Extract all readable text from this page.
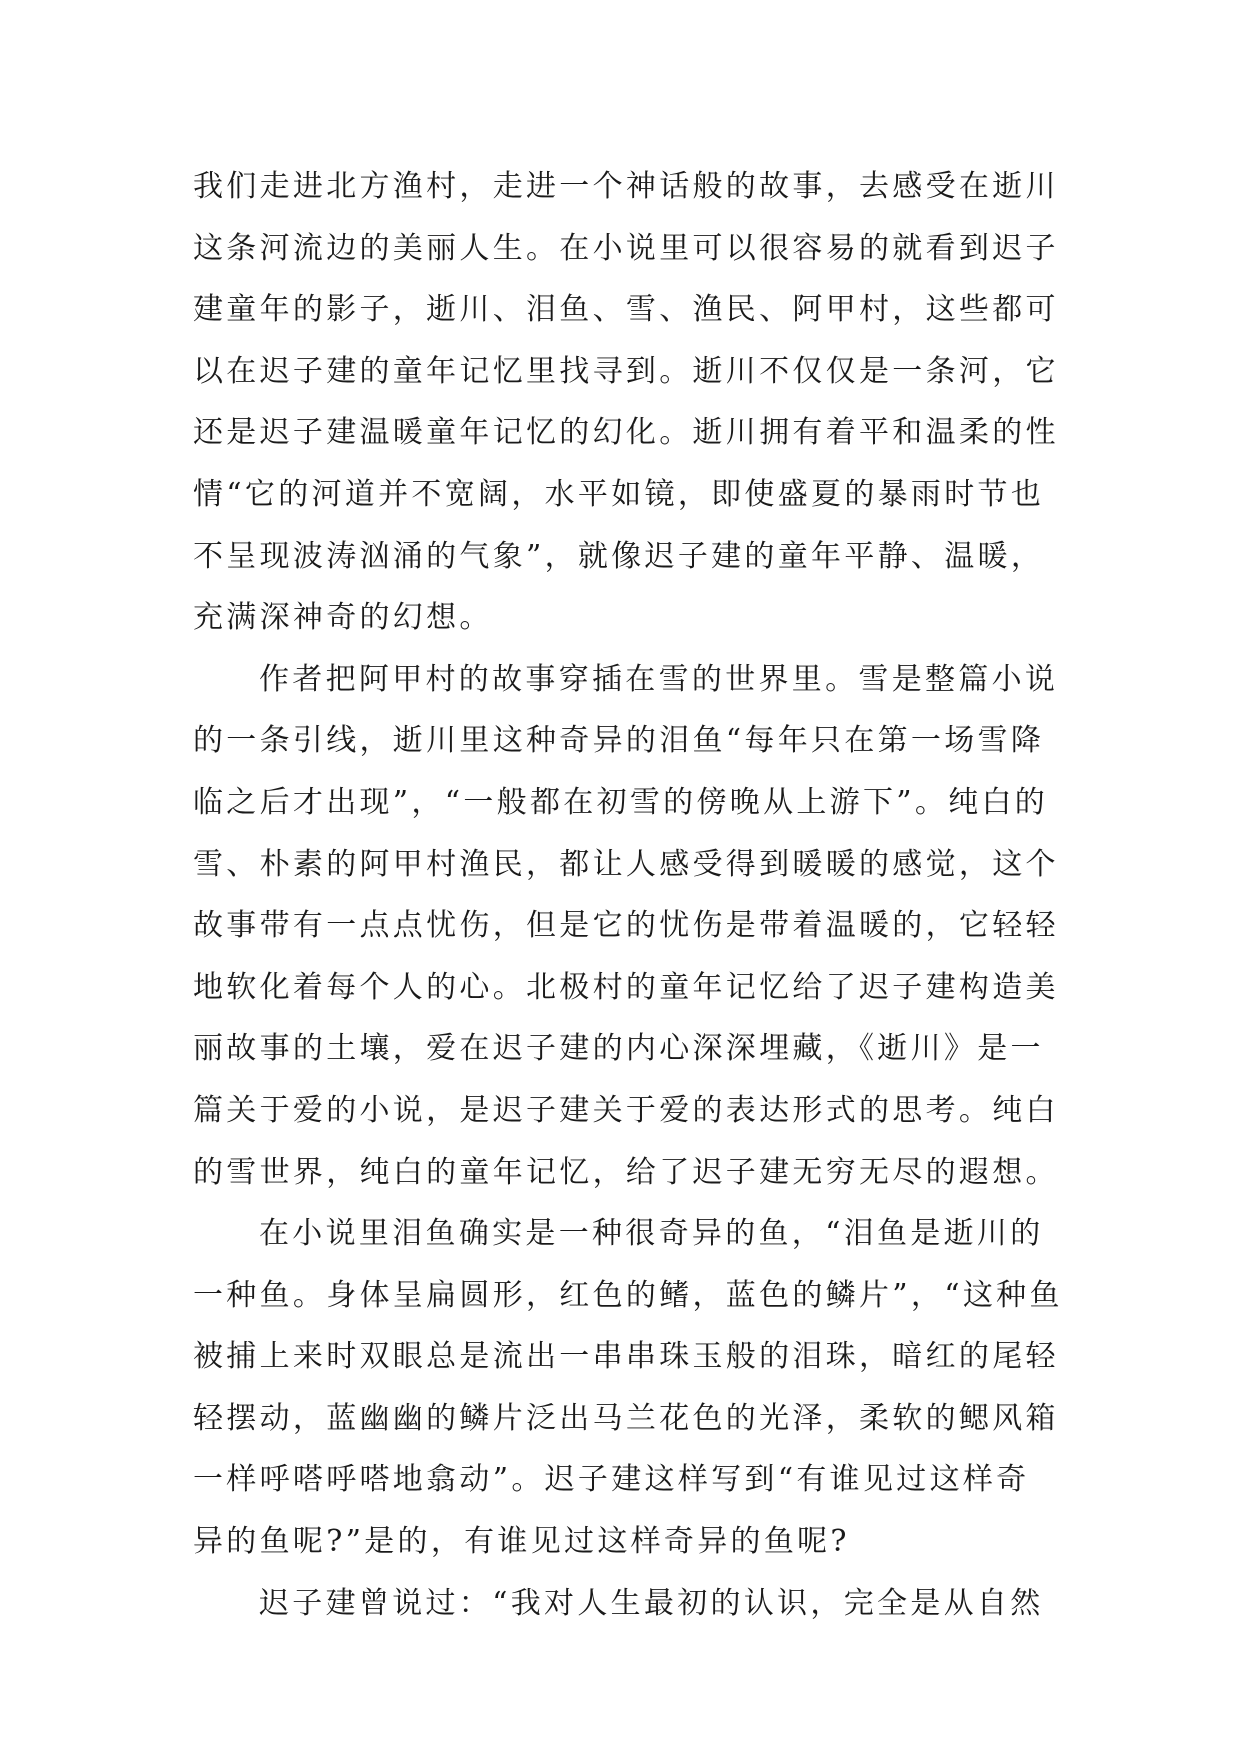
我们走进北方渔村，走进一个神话般的故事，去感受在逝川
这条河流边的美丽人生。在小说里可以很容易的就看到迟子
建童年的影子，逝川、泪鱼、雪、渔民、阿甲村，这些都可
以在迟子建的童年记忆里找寻到。逝川不仅仅是一条河，它
还是迟子建温暖童年记忆的幻化。逝川拥有着平和温柔的性
情“它的河道并不宽阔，水平如镜，即使盛夏的暴雨时节也
不呈现波涛汹涌的气象”，就像迟子建的童年平静、温暖，
充满深神奇的幻想。
作者把阿甲村的故事穿插在雪的世界里。雪是整篇小说
的一条引线，逝川里这种奇异的泪鱼“每年只在第一场雪降
临之后才出现”，“一般都在初雪的傍晚从上游下”。纯白的
雪、朴素的阿甲村渔民，都让人感受得到暖暖的感觉，这个
故事带有一点点忧伤，但是它的忧伤是带着温暖的，它轻轻
地软化着每个人的心。北极村的童年记忆给了迟子建构造美
丽故事的土壤，爱在迟子建的内心深深埋藏，《逝川》是一
篇关于爱的小说，是迟子建关于爱的表达形式的思考。纯白
的雪世界，纯白的童年记忆，给了迟子建无穷无尽的遐想。
在小说里泪鱼确实是一种很奇异的鱼，“泪鱼是逝川的
一种鱼。身体呈扁圆形，红色的鳍，蓝色的鳞片”，“这种鱼
被捕上来时双眼总是流出一串串珠玉般的泪珠，暗红的尾轻
轻摆动，蓝幽幽的鳞片泛出马兰花色的光泽，柔软的鳃风箱
一样呼嗒呼嗒地翕动”。迟子建这样写到“有谁见过这样奇
异的鱼呢?”是的，有谁见过这样奇异的鱼呢?
迟子建曾说过：“我对人生最初的认识，完全是从自然
